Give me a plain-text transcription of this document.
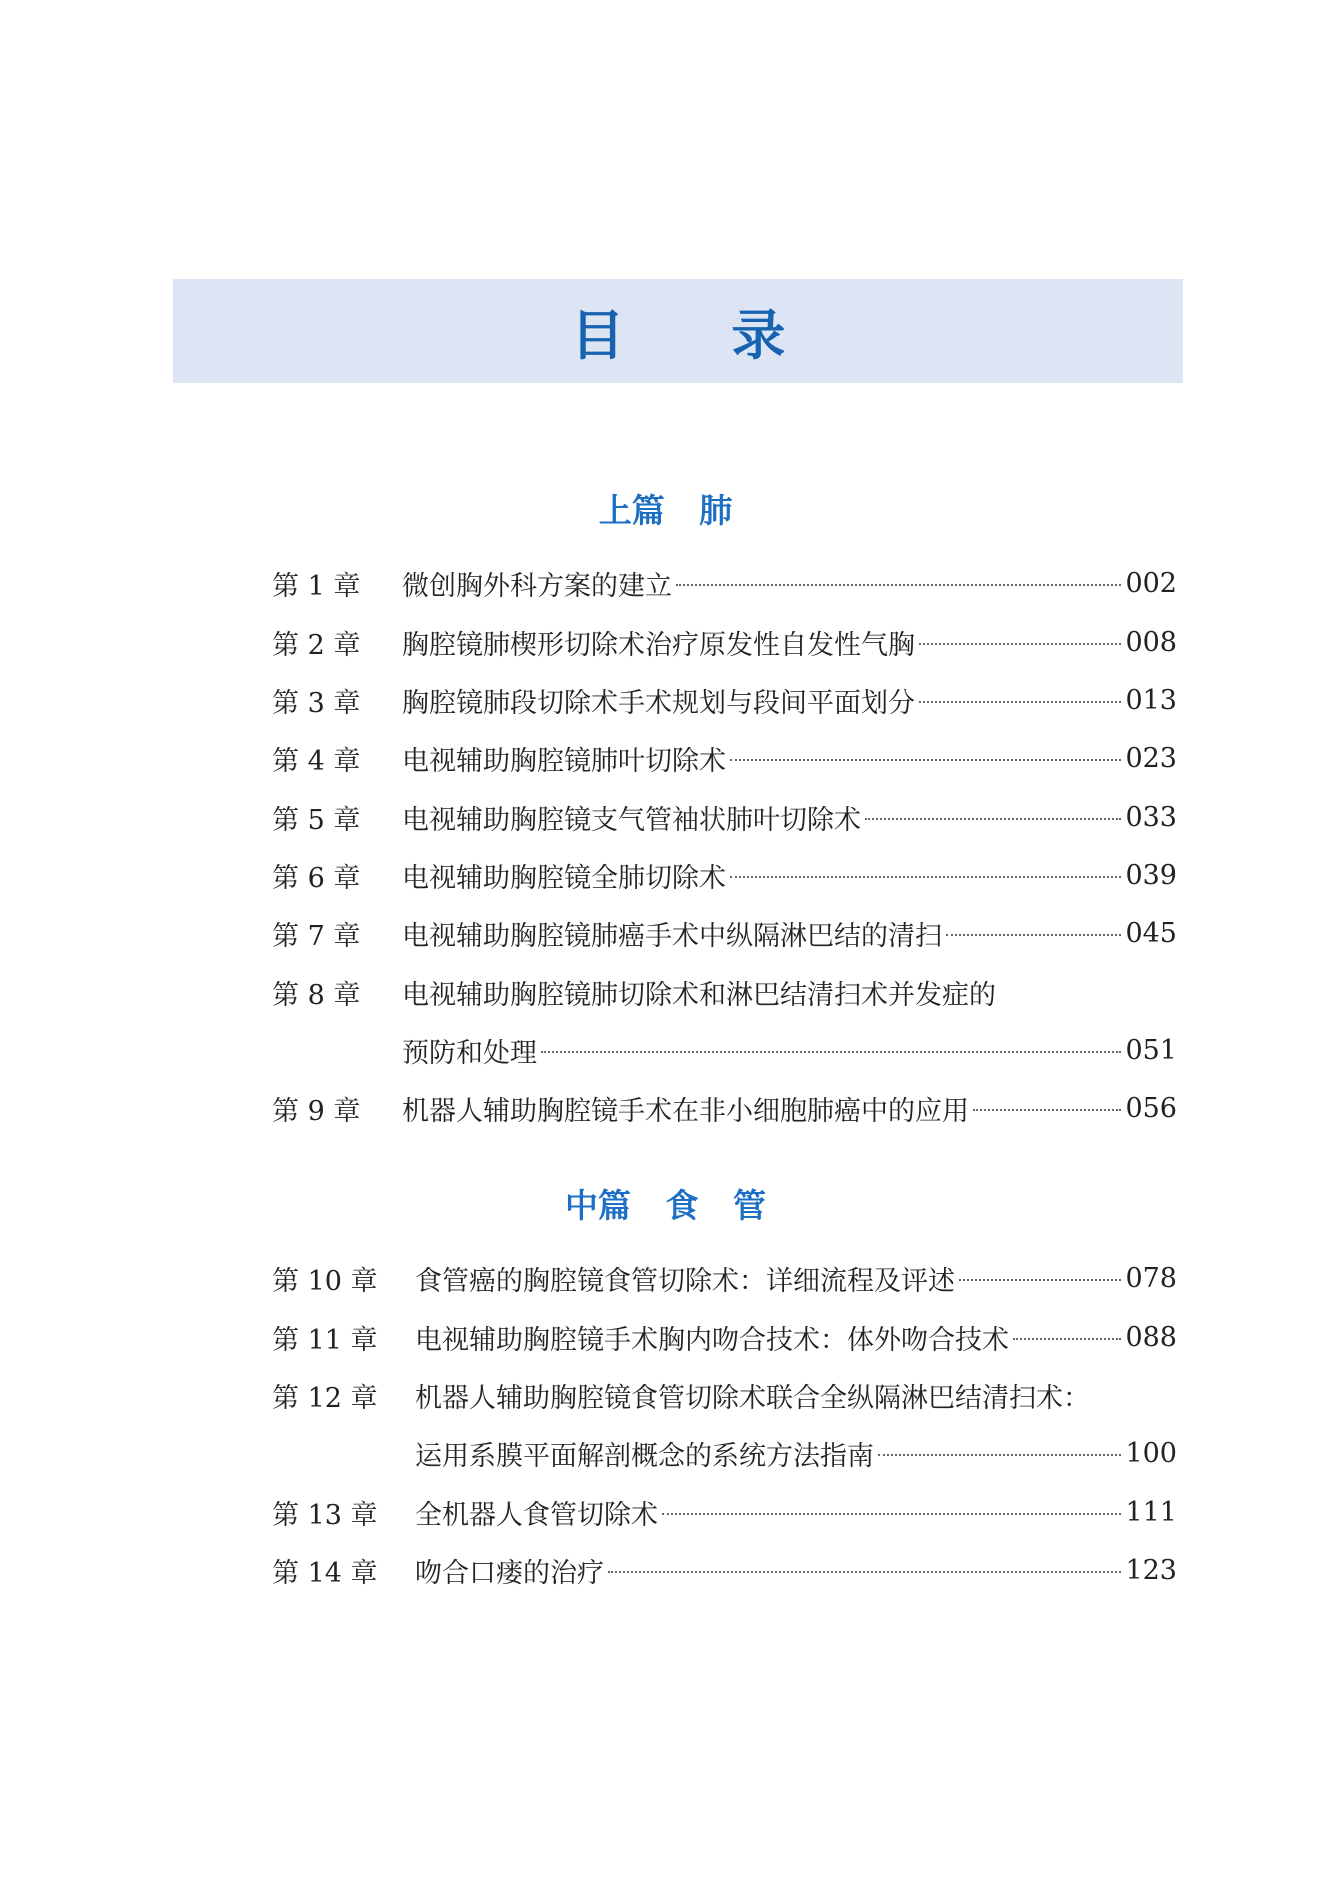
目 录
上篇   肺
第 1 章	微创胸外科方案的建立	002
第 2 章	胸腔镜肺楔形切除术治疗原发性自发性气胸	008
第 3 章	胸腔镜肺段切除术手术规划与段间平面划分	013
第 4 章	电视辅助胸腔镜肺叶切除术	023
第 5 章	电视辅助胸腔镜支气管袖状肺叶切除术	033
第 6 章	电视辅助胸腔镜全肺切除术	039
第 7 章	电视辅助胸腔镜肺癌手术中纵隔淋巴结的清扫	045
第 8 章	电视辅助胸腔镜肺切除术和淋巴结清扫术并发症的
预防和处理	051
第 9 章	机器人辅助胸腔镜手术在非小细胞肺癌中的应用	056
中篇   食   管
第 10 章	食管癌的胸腔镜食管切除术：详细流程及评述	078
第 11 章	电视辅助胸腔镜手术胸内吻合技术：体外吻合技术	088
第 12 章	机器人辅助胸腔镜食管切除术联合全纵隔淋巴结清扫术：
运用系膜平面解剖概念的系统方法指南	100
第 13 章	全机器人食管切除术	111
第 14 章	吻合口瘘的治疗	123
